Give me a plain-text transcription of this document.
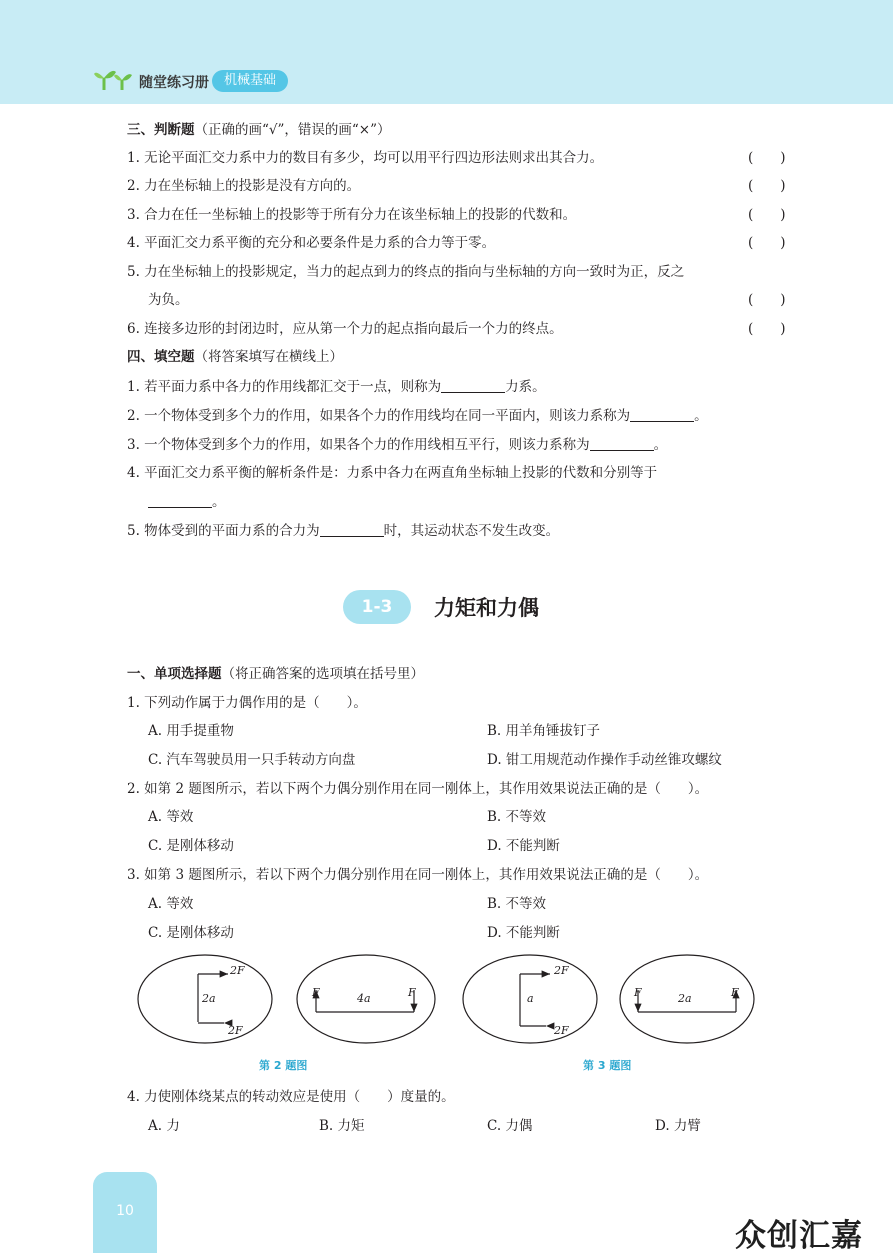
随堂练习册	机械基础
三、判断题（正确的画“√”，错误的画“×”）
1. 无论平面汇交力系中力的数目有多少，均可以用平行四边形法则求出其合力。	(　　)
2. 力在坐标轴上的投影是没有方向的。	(　　)
3. 合力在任一坐标轴上的投影等于所有分力在该坐标轴上的投影的代数和。	(　　)
4. 平面汇交力系平衡的充分和必要条件是力系的合力等于零。	(　　)
5. 力在坐标轴上的投影规定，当力的起点到力的终点的指向与坐标轴的方向一致时为正，反之
为负。	(　　)
6. 连接多边形的封闭边时，应从第一个力的起点指向最后一个力的终点。	(　　)
四、填空题（将答案填写在横线上）
1. 若平面力系中各力的作用线都汇交于一点，则称为	力系。
2. 一个物体受到多个力的作用，如果各个力的作用线均在同一平面内，则该力系称为	。
3. 一个物体受到多个力的作用，如果各个力的作用线相互平行，则该力系称为	。
4. 平面汇交力系平衡的解析条件是：力系中各力在两直角坐标轴上投影的代数和分别等于
。
5. 物体受到的平面力系的合力为	时，其运动状态不发生改变。
1-3	力矩和力偶
一、单项选择题（将正确答案的选项填在括号里）
1. 下列动作属于力偶作用的是（　　）。
A. 用手提重物	B. 用羊角锤拔钉子
C. 汽车驾驶员用一只手转动方向盘	D. 钳工用规范动作操作手动丝锥攻螺纹
2. 如第 2 题图所示，若以下两个力偶分别作用在同一刚体上，其作用效果说法正确的是（　　）。
A. 等效	B. 不等效
C. 是刚体移动	D. 不能判断
3. 如第 3 题图所示，若以下两个力偶分别作用在同一刚体上，其作用效果说法正确的是（　　）。
A. 等效	B. 不等效
C. 是刚体移动	D. 不能判断
2F
2a
2F
F	4a	F
2F
a
2F
F	2a	F
第 2 题图	第 3 题图
4. 力使刚体绕某点的转动效应是使用（　　）度量的。
A. 力	B. 力矩	C. 力偶	D. 力臂
10
众创汇嘉
